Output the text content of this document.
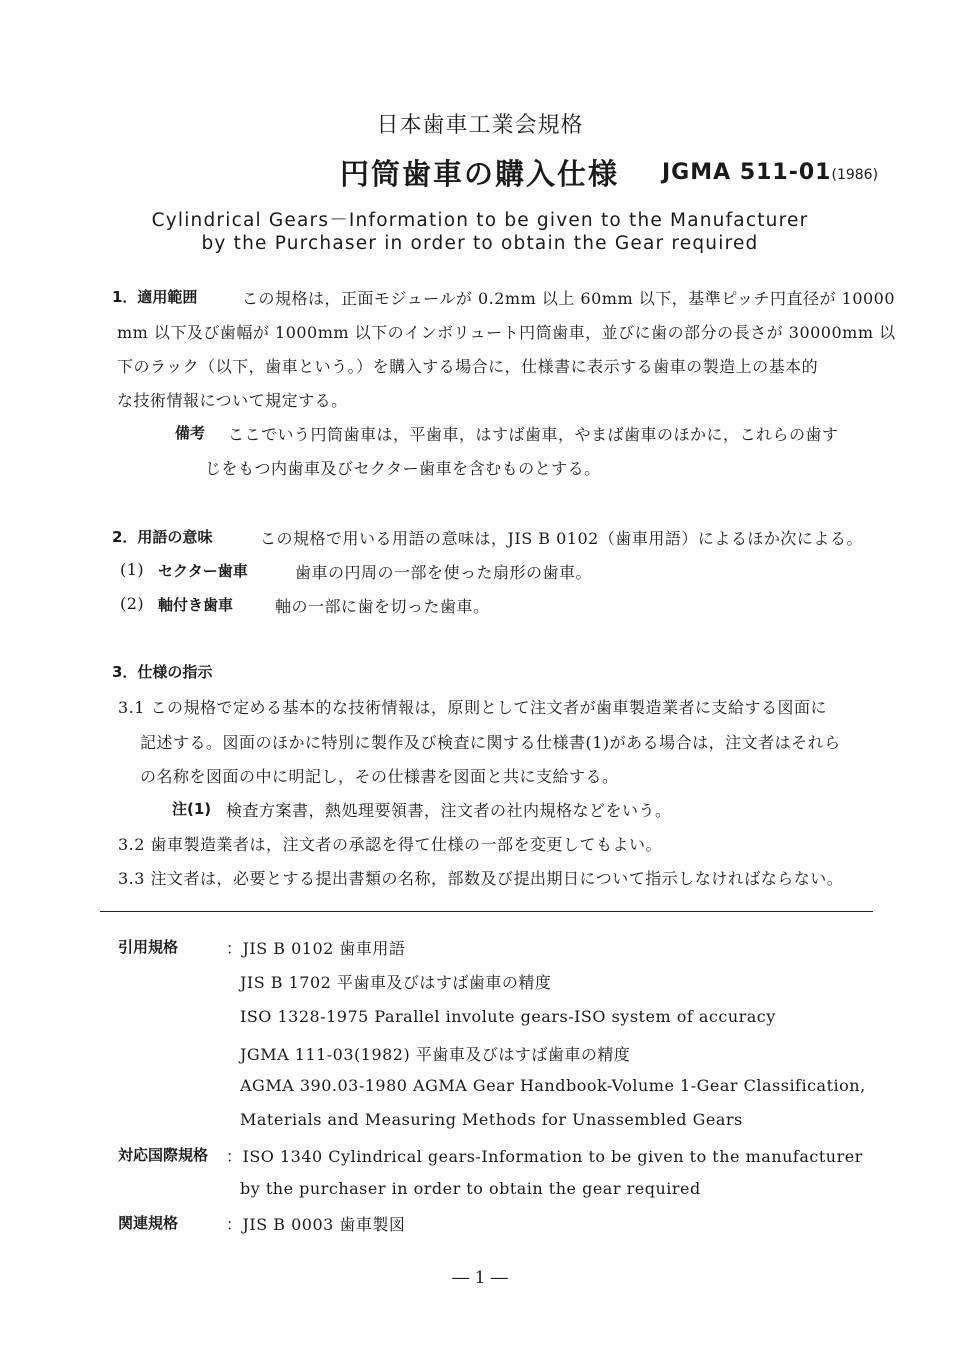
日本歯車工業会規格
円筒歯車の購入仕様 JGMA 511-01(1986)
Cylindrical Gears－Information to be given to the Manufacturer
by the Purchaser in order to obtain the Gear required
1．適用範囲	この規格は，正面モジュールが 0.2mm 以上 60mm 以下，基準ピッチ円直径が 10000
mm 以下及び歯幅が 1000mm 以下のインボリュート円筒歯車，並びに歯の部分の長さが 30000mm 以
下のラック（以下，歯車という。）を購入する場合に，仕様書に表示する歯車の製造上の基本的
な技術情報について規定する。
備考 ここでいう円筒歯車は，平歯車，はすば歯車，やまば歯車のほかに，これらの歯す
じをもつ内歯車及びセクター歯車を含むものとする。
2．用語の意味	この規格で用いる用語の意味は，JIS B 0102（歯車用語）によるほか次による。
(1) セクター歯車	歯車の円周の一部を使った扇形の歯車。
(2) 軸付き歯車	軸の一部に歯を切った歯車。
3．仕様の指示
3.1 この規格で定める基本的な技術情報は，原則として注文者が歯車製造業者に支給する図面に
記述する。図面のほかに特別に製作及び検査に関する仕様書(1)がある場合は，注文者はそれら
の名称を図面の中に明記し，その仕様書を図面と共に支給する。
注(1) 検査方案書，熱処理要領書，注文者の社内規格などをいう。
3.2 歯車製造業者は，注文者の承認を得て仕様の一部を変更してもよい。
3.3 注文者は，必要とする提出書類の名称，部数及び提出期日について指示しなければならない。
引用規格	：JIS B 0102 歯車用語
JIS B 1702 平歯車及びはすば歯車の精度
ISO 1328-1975 Parallel involute gears-ISO system of accuracy
JGMA 111-03(1982) 平歯車及びはすば歯車の精度
AGMA 390.03-1980 AGMA Gear Handbook-Volume 1-Gear Classification,
Materials and Measuring Methods for Unassembled Gears
対応国際規格 ：ISO 1340 Cylindrical gears-Information to be given to the manufacturer
by the purchaser in order to obtain the gear required
関連規格	：JIS B 0003 歯車製図
― 1 ―
